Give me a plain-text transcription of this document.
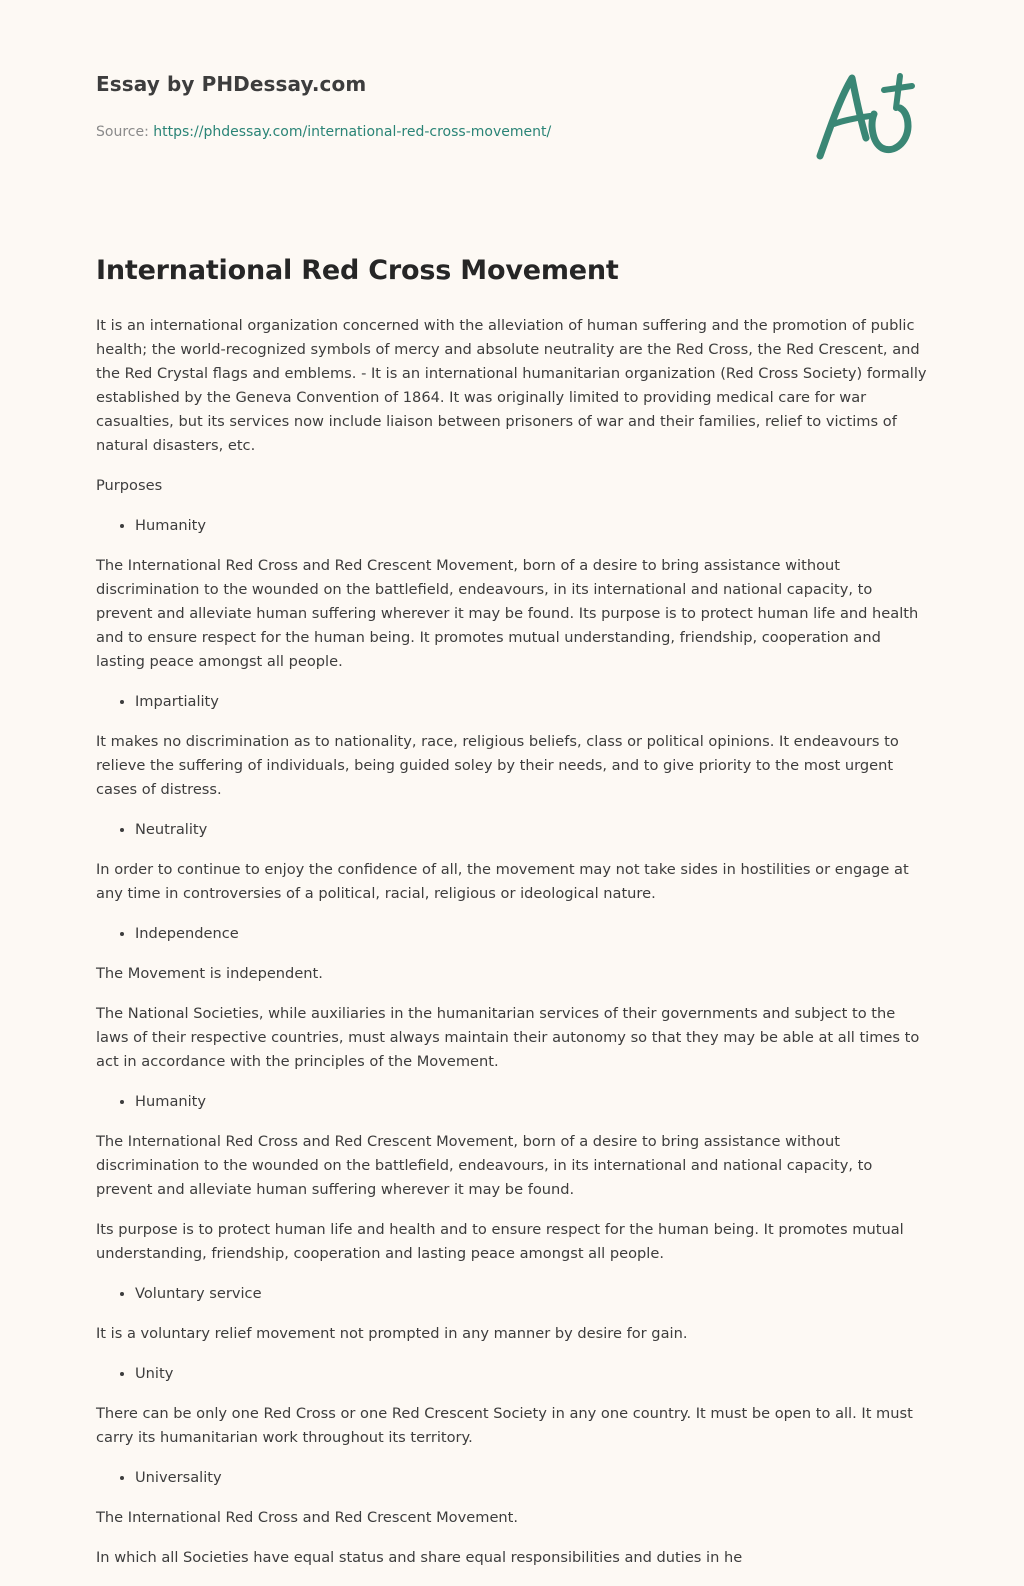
Essay by PHDessay.com
Source: https://phdessay.com/international-red-cross-movement/
International Red Cross Movement

It is an international organization concerned with the alleviation of human suffering and the promotion of public health; the world-recognized symbols of mercy and absolute neutrality are the Red Cross, the Red Crescent, and the Red Crystal flags and emblems. - It is an international humanitarian organization (Red Cross Society) formally established by the Geneva Convention of 1864. It was originally limited to providing medical care for war casualties, but its services now include liaison between prisoners of war and their families, relief to victims of natural disasters, etc.

Purposes

• Humanity

The International Red Cross and Red Crescent Movement, born of a desire to bring assistance without discrimination to the wounded on the battlefield, endeavours, in its international and national capacity, to prevent and alleviate human suffering wherever it may be found. Its purpose is to protect human life and health and to ensure respect for the human being. It promotes mutual understanding, friendship, cooperation and lasting peace amongst all people.

• Impartiality

It makes no discrimination as to nationality, race, religious beliefs, class or political opinions. It endeavours to relieve the suffering of individuals, being guided soley by their needs, and to give priority to the most urgent cases of distress.

• Neutrality

In order to continue to enjoy the confidence of all, the movement may not take sides in hostilities or engage at any time in controversies of a political, racial, religious or ideological nature.

• Independence

The Movement is independent.

The National Societies, while auxiliaries in the humanitarian services of their governments and subject to the laws of their respective countries, must always maintain their autonomy so that they may be able at all times to act in accordance with the principles of the Movement.

• Humanity

The International Red Cross and Red Crescent Movement, born of a desire to bring assistance without discrimination to the wounded on the battlefield, endeavours, in its international and national capacity, to prevent and alleviate human suffering wherever it may be found.

Its purpose is to protect human life and health and to ensure respect for the human being. It promotes mutual understanding, friendship, cooperation and lasting peace amongst all people.

• Voluntary service

It is a voluntary relief movement not prompted in any manner by desire for gain.

• Unity

There can be only one Red Cross or one Red Crescent Society in any one country. It must be open to all. It must carry its humanitarian work throughout its territory.

• Universality

The International Red Cross and Red Crescent Movement.

In which all Societies have equal status and share equal responsibilities and duties in he
